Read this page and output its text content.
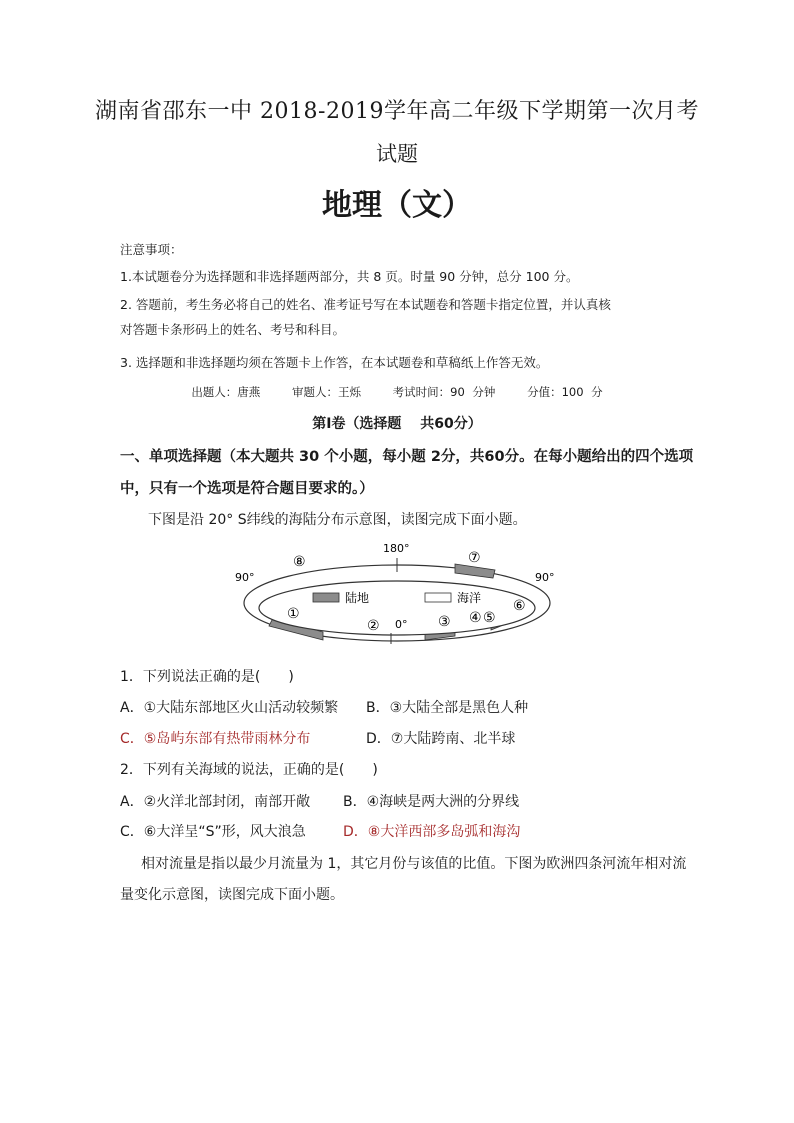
湖南省邵东一中 2018-2019学年高二年级下学期第一次月考
试题
地理（文）
注意事项：
1.本试题卷分为选择题和非选择题两部分，共 8 页。时量 90 分钟，总分 100 分。
2. 答题前，考生务必将自己的姓名、准考证号写在本试题卷和答题卡指定位置，并认真核
对答题卡条形码上的姓名、考号和科目。
3. 选择题和非选择题均须在答题卡上作答，在本试题卷和草稿纸上作答无效。
出题人：唐燕	审题人：王烁	考试时间：90 分钟	分值：100 分
第Ⅰ卷（选择题　 共60分）
一、单项选择题（本大题共 30 个小题，每小题 2分，共60分。在每小题给出的四个选项
中，只有一个选项是符合题目要求的。）
下图是沿 20° S纬线的海陆分布示意图，读图完成下面小题。
陆地	海洋
180°
90°	90°
0°
⑧	⑦
①
②	③ ④ ⑤
⑥
1．下列说法正确的是(　　)
A．①大陆东部地区火山活动较频繁 B．③大陆全部是黑色人种
C．⑤岛屿东部有热带雨林分布	D．⑦大陆跨南、北半球
2．下列有关海域的说法，正确的是(　　)
A．②火洋北部封闭，南部开敞 B．④海峡是两大洲的分界线
C．⑥大洋呈“S”形，风大浪急	D．⑧大洋西部多岛弧和海沟
相对流量是指以最少月流量为 1，其它月份与该值的比值。下图为欧洲四条河流年相对流
量变化示意图，读图完成下面小题。
